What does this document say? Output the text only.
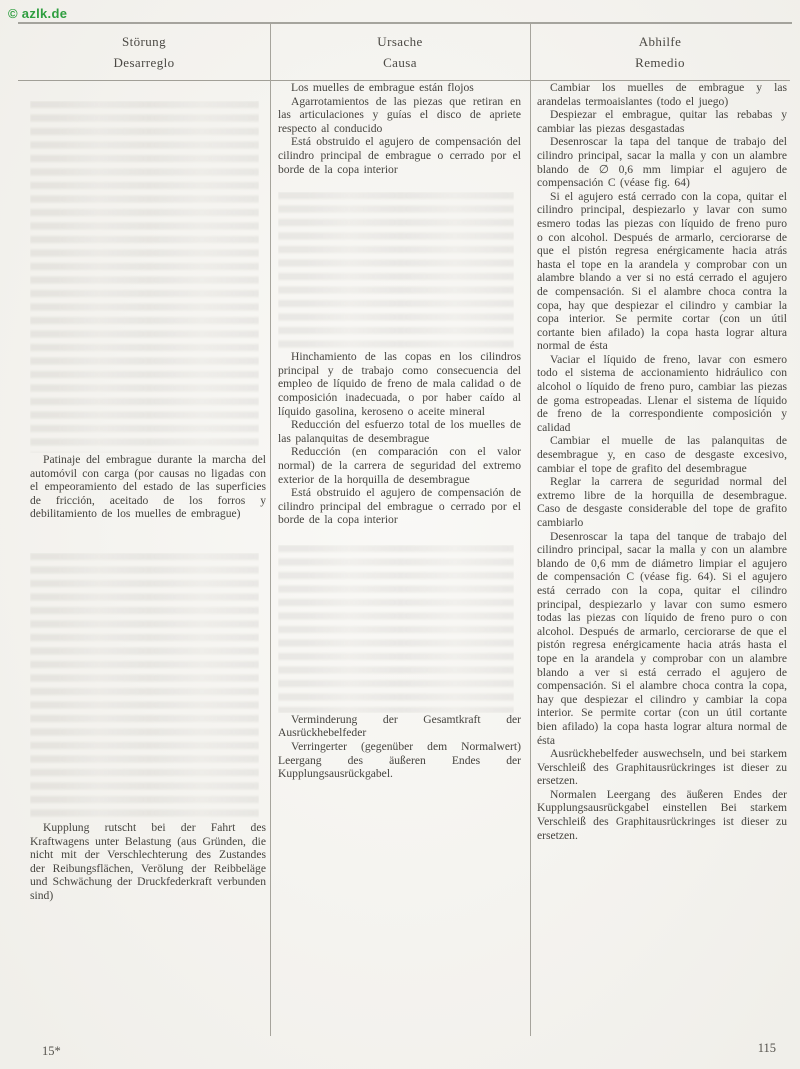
© azlk.de
Störung
Desarreglo
Ursache
Causa
Abhilfe
Remedio

Patinaje del embrague durante la marcha del automóvil con carga (por causas no ligadas con el empeoramiento del estado de las superficies de fricción, aceitado de los forros y debilitamiento de los muelles de embrague)

Kupplung rutscht bei der Fahrt des Kraftwagens unter Belastung (aus Gründen, die nicht mit der Verschlechterung des Zustandes der Reibungsflächen, Verölung der Reibbeläge und Schwächung der Druckfederkraft verbunden sind)

Los muelles de embrague están flojos

Agarrotamientos de las piezas que retiran en las articulaciones y guías el disco de apriete respecto al conducido

Está obstruido el agujero de compensación del cilindro principal de embrague o cerrado por el borde de la copa interior

Hinchamiento de las copas en los cilindros principal y de trabajo como consecuencia del empleo de líquido de freno de mala calidad o de composición inadecuada, o por haber caído al líquido gasolina, keroseno o aceite mineral

Reducción del esfuerzo total de los muelles de las palanquitas de desembrague

Reducción (en comparación con el valor normal) de la carrera de seguridad del extremo exterior de la horquilla de desembrague

Está obstruido el agujero de compensación de cilindro principal del embrague o cerrado por el borde de la copa interior

Verminderung der Gesamtkraft der Ausrückhebelfeder

Verringerter (gegenüber dem Normalwert) Leergang des äußeren Endes der Kupplungsausrückgabel.

Cambiar los muelles de embrague y las arandelas termoaislantes (todo el juego)

Despiezar el embrague, quitar las rebabas y cambiar las piezas desgastadas

Desenroscar la tapa del tanque de trabajo del cilindro principal, sacar la malla y con un alambre blando de ∅ 0,6 mm limpiar el agujero de compensación C (véase fig. 64)

Si el agujero está cerrado con la copa, quitar el cilindro principal, despiezarlo y lavar con sumo esmero todas las piezas con líquido de freno puro o con alcohol. Después de armarlo, cerciorarse de que el pistón regresa enérgicamente hacia atrás hasta el tope en la arandela y comprobar con un alambre blando a ver si no está cerrado el agujero de compensación. Si el alambre choca contra la copa, hay que despiezar el cilindro y cambiar la copa interior. Se permite cortar (con un útil cortante bien afilado) la copa hasta lograr altura normal de ésta

Vaciar el líquido de freno, lavar con esmero todo el sistema de accionamiento hidráulico con alcohol o líquido de freno puro, cambiar las piezas de goma estropeadas. Llenar el sistema de líquido de freno de la correspondiente composición y calidad

Cambiar el muelle de las palanquitas de desembrague y, en caso de desgaste excesivo, cambiar el tope de grafito del desembrague

Reglar la carrera de seguridad normal del extremo libre de la horquilla de desembrague. Caso de desgaste considerable del tope de grafito cambiarlo

Desenroscar la tapa del tanque de trabajo del cilindro principal, sacar la malla y con un alambre blando de 0,6 mm de diámetro limpiar el agujero de compensación C (véase fig. 64). Si el agujero está cerrado con la copa, quitar el cilindro principal, despiezarlo y lavar con sumo esmero todas las piezas con líquido de freno puro o con alcohol. Después de armarlo, cerciorarse de que el pistón regresa enérgicamente hacia atrás hasta el tope en la arandela y comprobar con un alambre blando a ver si está cerrado el agujero de compensación. Si el alambre choca contra la copa, hay que despiezar el cilindro y cambiar la copa interior. Se permite cortar (con un útil cortante bien afilado) la copa hasta lograr altura normal de ésta

Ausrückhebelfeder auswechseln, und bei starkem Verschleiß des Graphitausrückringes ist dieser zu ersetzen.

Normalen Leergang des äußeren Endes der Kupplungsausrückgabel einstellen Bei starkem Verschleiß des Graphitausrückringes ist dieser zu ersetzen.

15*	115
